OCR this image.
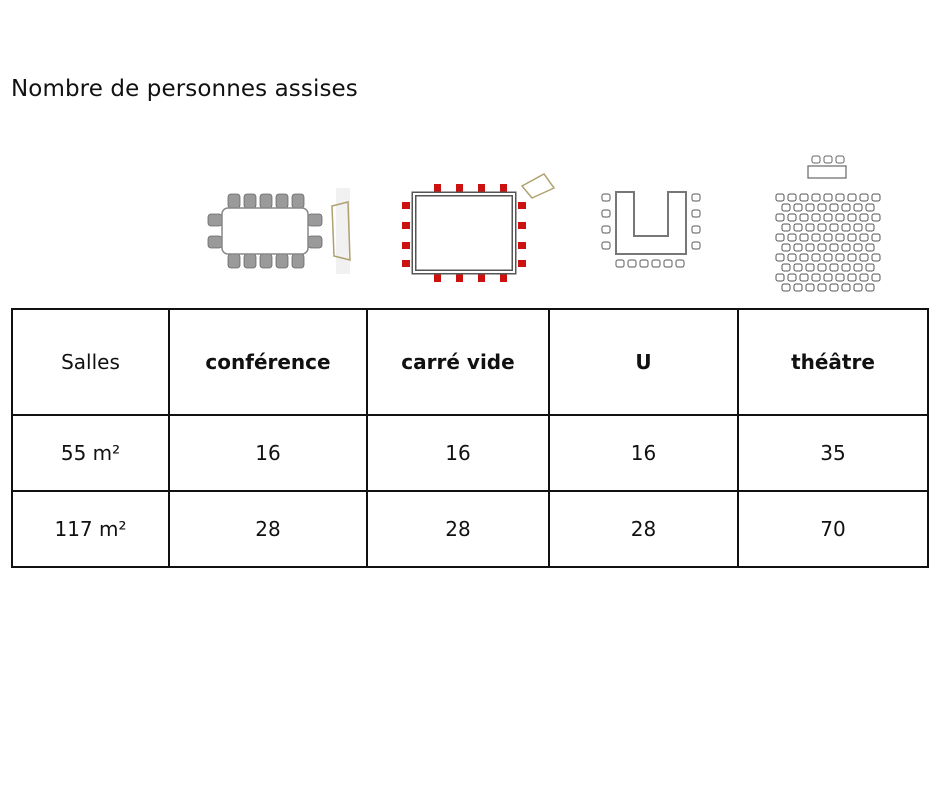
Nombre de personnes assises
Salles	conférence	carré vide	U	théâtre
55 m²	16	16	16	35
117 m²	28	28	28	70
